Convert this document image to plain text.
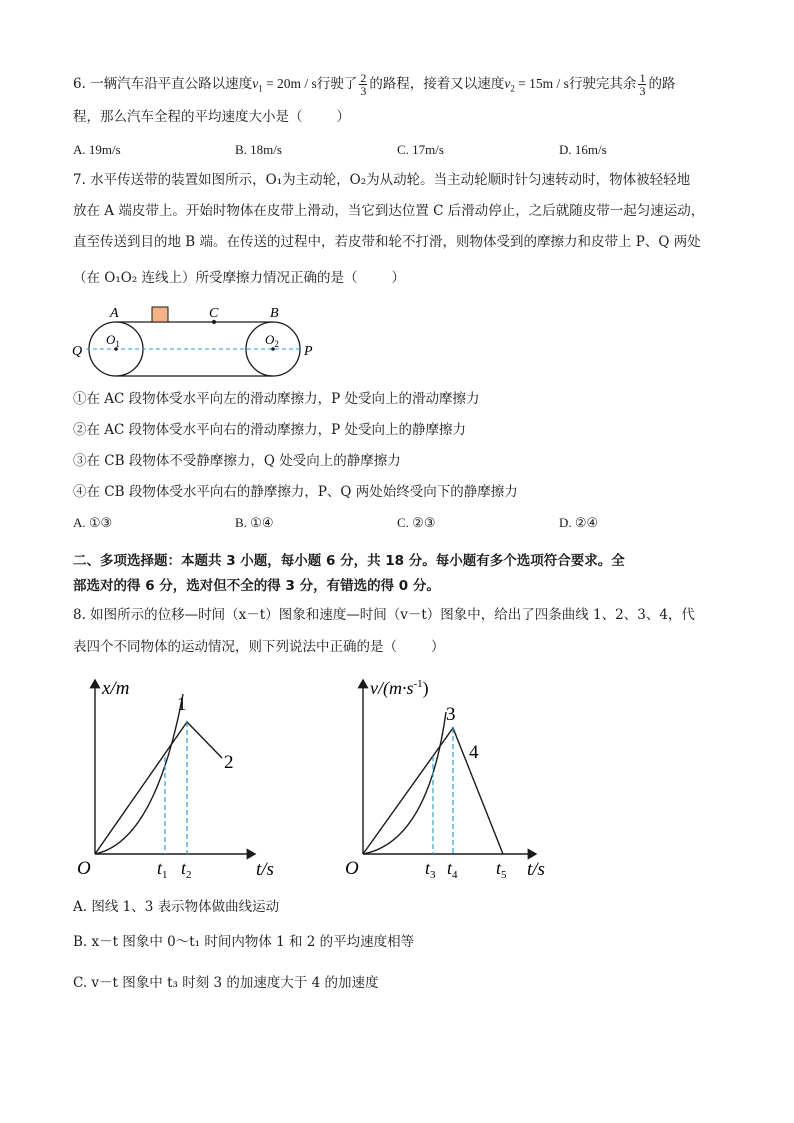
6. 一辆汽车沿平直公路以速度$v_1 = 20m / s$行驶了 $\frac{2}{3}$ 的路程，接着又以速度$v_2 = 15m / s$行驶完其余 $\frac{1}{3}$ 的路
程，那么汽车全程的平均速度大小是（	）
A. 19m/s	B. 18m/s	C. 17m/s	D. 16m/s
7. 水平传送带的装置如图所示，O₁为主动轮，O₂为从动轮。当主动轮顺时针匀速转动时，物体被轻轻地
放在 A 端皮带上。开始时物体在皮带上滑动，当它到达位置 C 后滑动停止，之后就随皮带一起匀速运动，
直至传送到目的地 B 端。在传送的过程中，若皮带和轮不打滑，则物体受到的摩擦力和皮带上 P、Q 两处
（在 O₁O₂ 连线上）所受摩擦力情况正确的是（	）
A	C	B
$O_1$	$O_2$
Q	P
①在 AC 段物体受水平向左的滑动摩擦力，P 处受向上的滑动摩擦力
②在 AC 段物体受水平向右的滑动摩擦力，P 处受向上的静摩擦力
③在 CB 段物体不受静摩擦力，Q 处受向上的静摩擦力
④在 CB 段物体受水平向右的静摩擦力，P、Q 两处始终受向下的静摩擦力
A. ①③	B. ①④	C. ②③	D. ②④
二、多项选择题：本题共 3 小题，每小题 6 分，共 18 分。每小题有多个选项符合要求。全
部选对的得 6 分，选对但不全的得 3 分，有错选的得 0 分。
8. 如图所示的位移—时间（x－t）图象和速度—时间（v－t）图象中，给出了四条曲线 1、2、3、4，代
表四个不同物体的运动情况，则下列说法中正确的是（	）
x/m
1
2
O	$t_1$ $t_2$	t/s
$v/(m\cdot s^{-1})$
3
4
O	$t_3$ $t_4$ $t_5$ t/s
A. 图线 1、3 表示物体做曲线运动
B. x－t 图象中 0～t₁ 时间内物体 1 和 2 的平均速度相等
C. v－t 图象中 t₃ 时刻 3 的加速度大于 4 的加速度
